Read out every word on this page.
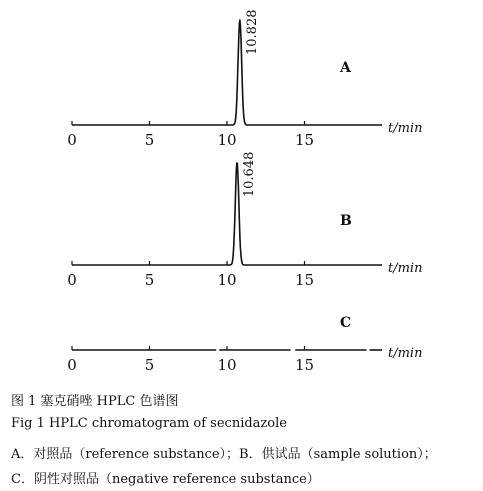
10.828
0	5	10	15
t/min
A
10.648
0	5	10	15
t/min
B
0	5	10	15
t/min
C

图 1 塞克硝唑 HPLC 色谱图

Fig 1 HPLC chromatogram of secnidazole

A．对照品（reference substance）；B．供试品（sample solution）；

C．阴性对照品（negative reference substance）
